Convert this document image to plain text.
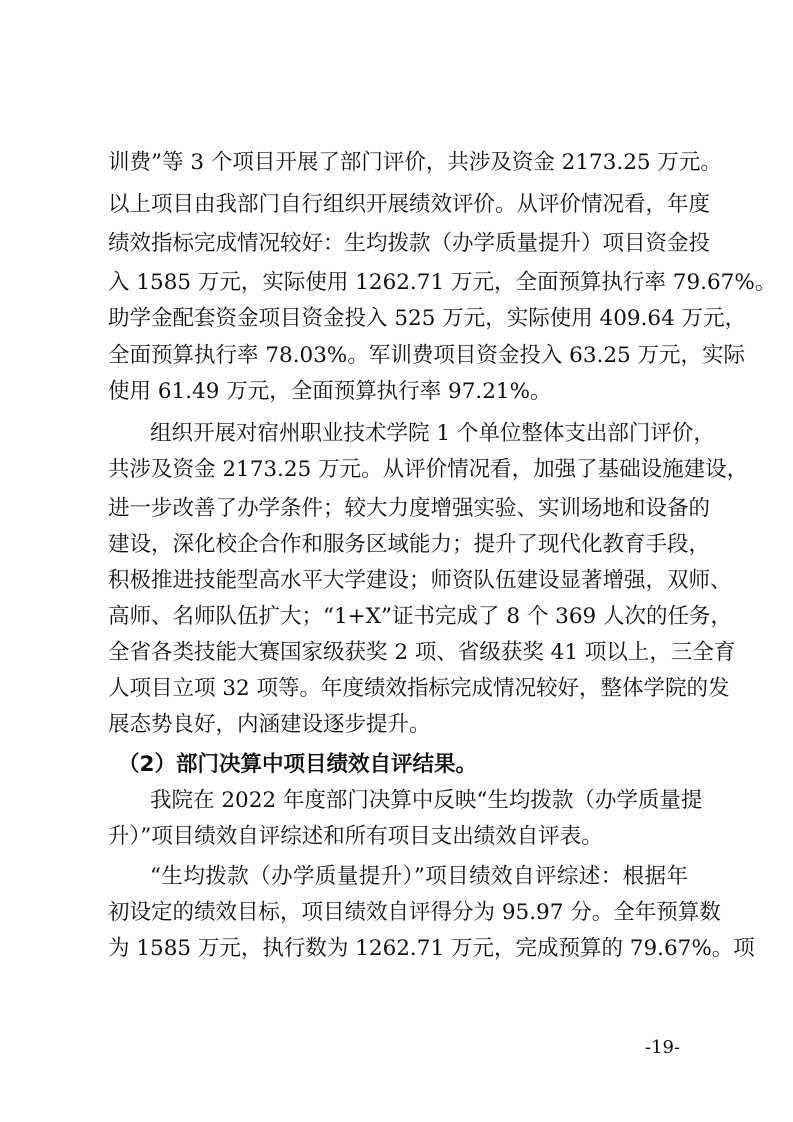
训费”等 3 个项目开展了部门评价，共涉及资金 2173.25 万元。
以上项目由我部门自行组织开展绩效评价。从评价情况看，年度
绩效指标完成情况较好：生均拨款（办学质量提升）项目资金投
入 1585 万元，实际使用 1262.71 万元，全面预算执行率 79.67%。
助学金配套资金项目资金投入 525 万元，实际使用 409.64 万元，
全面预算执行率 78.03%。军训费项目资金投入 63.25 万元，实际
使用 61.49 万元，全面预算执行率 97.21%。
组织开展对宿州职业技术学院 1 个单位整体支出部门评价，
共涉及资金 2173.25 万元。从评价情况看，加强了基础设施建设，
进一步改善了办学条件；较大力度增强实验、实训场地和设备的
建设，深化校企合作和服务区域能力；提升了现代化教育手段，
积极推进技能型高水平大学建设；师资队伍建设显著增强，双师、
高师、名师队伍扩大；“1+X”证书完成了 8 个 369 人次的任务，
全省各类技能大赛国家级获奖 2 项、省级获奖 41 项以上，三全育
人项目立项 32 项等。年度绩效指标完成情况较好，整体学院的发
展态势良好，内涵建设逐步提升。
（2）部门决算中项目绩效自评结果。
我院在 2022 年度部门决算中反映“生均拨款（办学质量提
升）”项目绩效自评综述和所有项目支出绩效自评表。
“生均拨款（办学质量提升）”项目绩效自评综述：根据年
初设定的绩效目标，项目绩效自评得分为 95.97 分。全年预算数
为 1585 万元，执行数为 1262.71 万元，完成预算的 79.67%。项
-19-
